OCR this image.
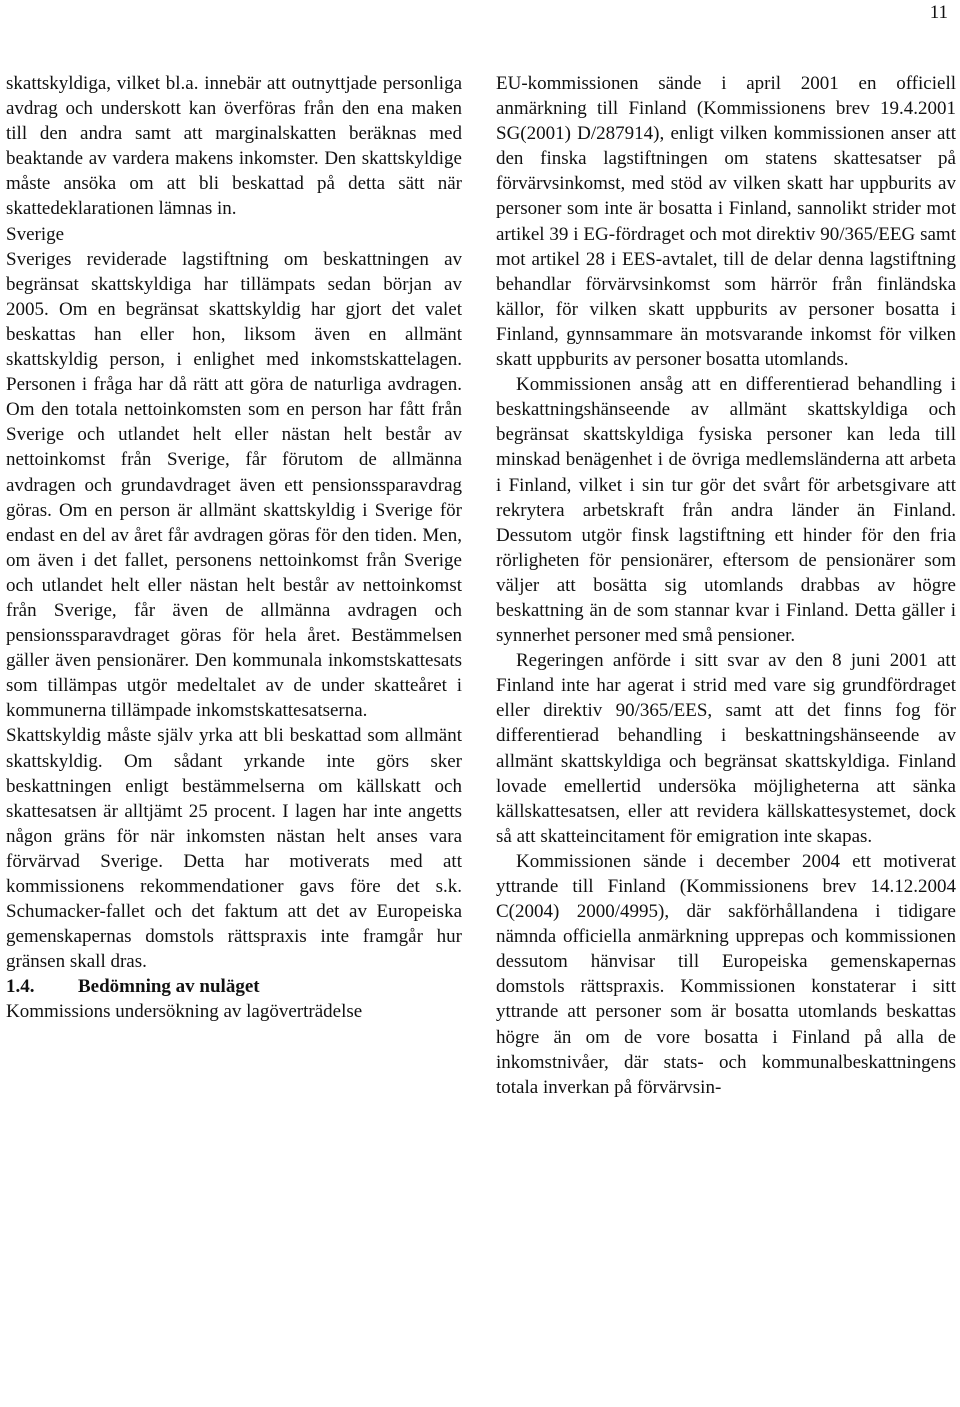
11

skattskyldiga, vilket bl.a. innebär att outnyttjade personliga avdrag och underskott kan överföras från den ena maken till den andra samt att marginalskatten beräknas med beaktande av vardera makens inkomster. Den skattskyldige måste ansöka om att bli beskattad på detta sätt när skattedeklarationen lämnas in.

Sverige

Sveriges reviderade lagstiftning om beskattningen av begränsat skattskyldiga har tillämpats sedan början av 2005. Om en begränsat skattskyldig har gjort det valet beskattas han eller hon, liksom även en allmänt skattskyldig person, i enlighet med inkomstskattelagen. Personen i fråga har då rätt att göra de naturliga avdragen. Om den totala nettoinkomsten som en person har fått från Sverige och utlandet helt eller nästan helt består av nettoinkomst från Sverige, får förutom de allmänna avdragen och grundavdraget även ett pensionssparavdrag göras. Om en person är allmänt skattskyldig i Sverige för endast en del av året får avdragen göras för den tiden. Men, om även i det fallet, personens nettoinkomst från Sverige och utlandet helt eller nästan helt består av nettoinkomst från Sverige, får även de allmänna avdragen och pensionssparavdraget göras för hela året. Bestämmelsen gäller även pensionärer. Den kommunala inkomstskattesats som tillämpas utgör medeltalet av de under skatteåret i kommunerna tillämpade inkomstskattesatserna.

Skattskyldig måste själv yrka att bli beskattad som allmänt skattskyldig. Om sådant yrkande inte görs sker beskattningen enligt bestämmelserna om källskatt och skattesatsen är alltjämt 25 procent. I lagen har inte angetts någon gräns för när inkomsten nästan helt anses vara förvärvad Sverige. Detta har motiverats med att kommissionens rekommendationer gavs före det s.k. Schumacker-fallet och det faktum att det av Europeiska gemenskapernas domstols rättspraxis inte framgår hur gränsen skall dras.

1.4. Bedömning av nuläget

Kommissions undersökning av lagöverträdelse

EU-kommissionen sände i april 2001 en officiell anmärkning till Finland (Kommissionens brev 19.4.2001 SG(2001) D/287914), enligt vilken kommissionen anser att den finska lagstiftningen om statens skattesatser på förvärvsinkomst, med stöd av vilken skatt har uppburits av personer som inte är bosatta i Finland, sannolikt strider mot artikel 39 i EG-fördraget och mot direktiv 90/365/EEG samt mot artikel 28 i EES-avtalet, till de delar denna lagstiftning behandlar förvärvsinkomst som härrör från finländska källor, för vilken skatt uppburits av personer bosatta i Finland, gynnsammare än motsvarande inkomst för vilken skatt uppburits av personer bosatta utomlands.

Kommissionen ansåg att en differentierad behandling i beskattningshänseende av allmänt skattskyldiga och begränsat skattskyldiga fysiska personer kan leda till minskad benägenhet i de övriga medlemsländerna att arbeta i Finland, vilket i sin tur gör det svårt för arbetsgivare att rekrytera arbetskraft från andra länder än Finland. Dessutom utgör finsk lagstiftning ett hinder för den fria rörligheten för pensionärer, eftersom de pensionärer som väljer att bosätta sig utomlands drabbas av högre beskattning än de som stannar kvar i Finland. Detta gäller i synnerhet personer med små pensioner.

Regeringen anförde i sitt svar av den 8 juni 2001 att Finland inte har agerat i strid med vare sig grundfördraget eller direktiv 90/365/EES, samt att det finns fog för differentierad behandling i beskattningshänseende av allmänt skattskyldiga och begränsat skattskyldiga. Finland lovade emellertid undersöka möjligheterna att sänka källskattesatsen, eller att revidera källskattesystemet, dock så att skatteincitament för emigration inte skapas.

Kommissionen sände i december 2004 ett motiverat yttrande till Finland (Kommissionens brev 14.12.2004 C(2004) 2000/4995), där sakförhållandena i tidigare nämnda officiella anmärkning upprepas och kommissionen dessutom hänvisar till Europeiska gemenskapernas domstols rättspraxis. Kommissionen konstaterar i sitt yttrande att personer som är bosatta utomlands beskattas högre än om de vore bosatta i Finland på alla de inkomstnivåer, där stats- och kommunalbeskattningens totala inverkan på förvärvsin-
